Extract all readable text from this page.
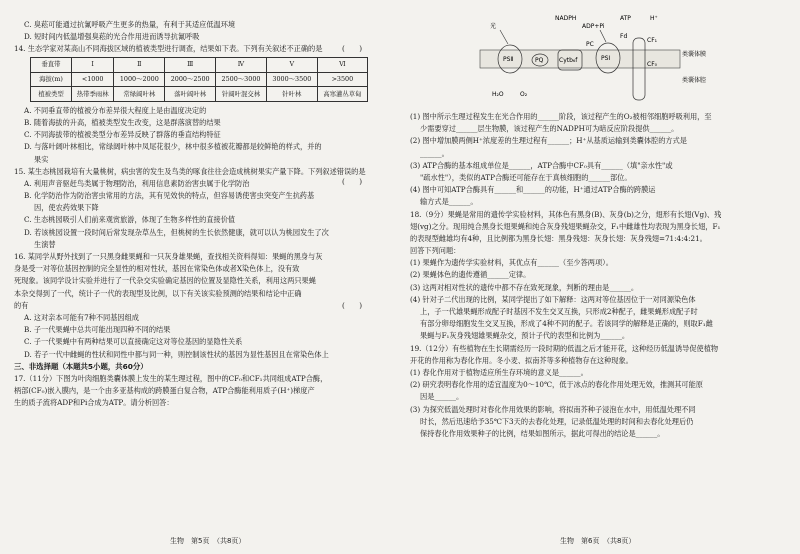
C. 臭菘可能通过抗氰呼吸产生更多的热量，有利于其适应低温环境

D. 短时间内低温增强臭菘的光合作用进而诱导抗氰呼吸

14. 生态学家对某高山不同海拔区域的植被类型进行调查，结果如下表。下列有关叙述不正确的是	(　　)

垂直带	Ⅰ	Ⅱ	Ⅲ	Ⅳ	Ⅴ	Ⅵ
海拔(m)	<1000	1000～2000	2000～2500	2500～3000	3000～3500	>3500
植被类型	热带季雨林	常绿阔叶林	落叶阔叶林	针阔叶混交林	针叶林	高寒灌丛草甸

A. 不同垂直带的植被分布差异很大程度上是由温度决定的

B. 随着海拔的升高，植被类型发生改变，这是群落演替的结果

C. 不同海拔带的植被类型分布差异反映了群落的垂直结构特征

D. 与落叶阔叶林相比，常绿阔叶林中凤尾花很少，林中很多植被花瓣都是较鲜艳的样式，并的

果实

15. 某生态桃园栽培有大量桃树，病虫害的发生及鸟类的啄食往往会造成桃树果实产量下降。下列叙述错误的是
(　　)

A. 利用声音驱赶鸟类属于物理防治，利用信息素防治害虫属于化学防治

B. 化学防治作为防治害虫常用的方法，其有见效快的特点，但容易诱使害虫突变产生抗药基

因，使农药效果下降

C. 生态桃园吸引人们前来观赏旅游，体现了生物多样性的直接价值

D. 若该桃园设置一段时间后常发现杂草丛生，但桃树的生长依然健康，就可以认为桃园发生了次

生演替

16. 某同学从野外找到了一只黑身雌果蝇和一只灰身雄果蝇，查找相关资料得知：果蝇的黑身与灰

身是受一对等位基因控制的完全显性的相对性状，基因在常染色体或者X染色体上，没有致

死现象。该同学设计实验并进行了一代杂交实验确定基因的位置及显隐性关系，利用这两只果蝇

本杂交得到了一代，统计子一代的表现型及比例，以下有关该实验预测的结果和结论中正确

的有	(　　)

A. 这对亲本可能有7种不同基因组成

B. 子一代果蝇中总共可能出现四种不同的结果

C. 子一代果蝇中有两种结果可以直接确定这对等位基因的显隐性关系

D. 若子一代中雌蝇的性状和同性中都与同一种，则控制该性状的基因为显性基因且在常染色体上

三、非选择题（本题共5小题，共60分）

17.（11分）下图为叶肉细胞类囊体膜上发生的某生理过程，图中的CF₀和CF₁共同组成ATP合酶，

柄部(CF₀)嵌入膜内，是一个由多亚基构成的跨膜蛋白复合物，ATP合酶能利用质子(H⁺)梯度产

生的质子流将ADP和Pi合成为ATP。请分析回答：

生物　第5页　（共8页）
PSⅡ	PQ	Cytb₆f
PC
PSⅠ
Fd
CF₁
CF₀
NADPH	ATP
ADP+Pi
H⁺
光
H₂O	O₂
类囊体膜
类囊体腔

(1) 图中所示生理过程发生在光合作用的______阶段，该过程产生的O₂被相邻细胞呼吸利用，至

少需要穿过______层生物膜，该过程产生的NADPH可为暗反应阶段提供______。

(2) 图中增加膜两侧H⁺浓度差的生理过程有______；H⁺从基质运输到类囊体腔的方式是

______。

(3) ATP合酶的基本组成单位是______，ATP合酶中CF₀具有______（填"亲水性"或

"疏水性"），类似的ATP合酶还可能存在于真核细胞的______部位。

(4) 图中可知ATP合酶具有______和______的功能，H⁺通过ATP合酶的跨膜运

输方式是______。

18.（9分）果蝇是常用的遗传学实验材料，其体色有黑身(B)、灰身(b)之分，翅形有长翅(Vg)、残

翅(vg)之分。现用纯合黑身长翅果蝇和纯合灰身残翅果蝇杂交，F₁中雌雄性均表现为黑身长翅，F₁

的表现型雌雄均有4种，且比例都为黑身长翅：黑身残翅：灰身长翅：灰身残翅=71:4:4:21。

回答下列问题：

(1) 果蝇作为遗传学实验材料，其优点有______（至少答两项）。

(2) 果蝇体色的遗传遵循______定律。

(3) 这两对相对性状的遗传中都不存在致死现象，判断的理由是______。

(4) 针对子二代出现的比例，某同学提出了如下解释：这两对等位基因位于一对同源染色体

上，子一代雄果蝇形成配子时基因不发生交叉互换，只形成2种配子，雌果蝇形成配子时

有部分卵母细胞发生交叉互换，形成了4种不同的配子。若该同学的解释是正确的，则取F₁雌

果蝇与F₁灰身残翅雄果蝇杂交，预计子代的表型和比例为______。

19.（12分）有些植物在生长期需经历一段时期的低温之后才能开花，这种经历低温诱导促使植物

开花的作用称为春化作用。冬小麦、拟南芥等多种植物存在这种现象。

(1) 春化作用对于植物适应所生存环境的意义是______。

(2) 研究表明春化作用的适宜温度为0～10℃，低于冰点的春化作用处理无效，推测其可能原

因是______。

(3) 为探究低温处理时对春化作用效果的影响，将拟南芥种子浸泡在水中，用低温处理不同

时长，然后迅速给予35℃下3天的去春化处理，记录低温处理的时间和去春化处理后仍

保持春化作用效果种子的比例，结果如图所示，据此可得出的结论是______。

生物　第6页　（共8页）
